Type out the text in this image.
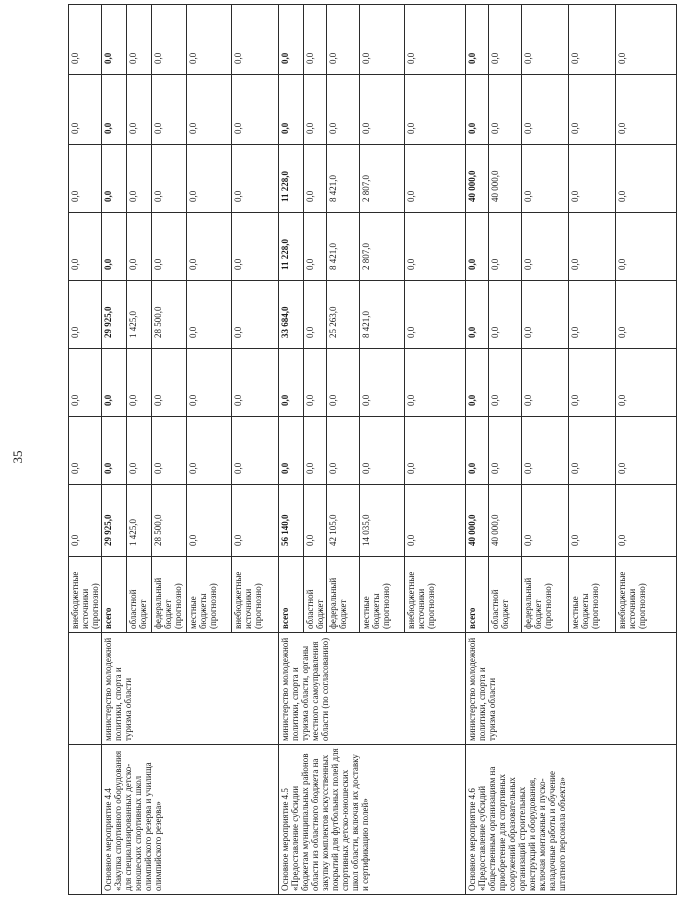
35
		внебюджетные источники (прогнозно)	0,0	0,0	0,0	0,0	0,0	0,0	0,0	0,0
Основное мероприятие 4.4
«Закупка спортивного оборудования для специализированных детско-юношеских спортивных школ олимпийского резерва и училища олимпийского резерва»	министерство молодежной политики, спорта и туризма области	всего	29 925,0	0,0	0,0	29 925,0	0,0	0,0	0,0	0,0
		областной бюджет	1 425,0	0,0	0,0	1 425,0	0,0	0,0	0,0	0,0
		федеральный бюджет (прогнозно)	28 500,0	0,0	0,0	28 500,0	0,0	0,0	0,0	0,0
		местные бюджеты (прогнозно)	0,0	0,0	0,0	0,0	0,0	0,0	0,0	0,0
		внебюджетные источники (прогнозно)	0,0	0,0	0,0	0,0	0,0	0,0	0,0	0,0
Основное мероприятие 4.5
«Предоставление субсидии бюджетам муниципальных районов области из областного бюджета на закупку комплектов искусственных покрытий для футбольных полей для спортивных детско-юношеских школ области, включая их доставку и сертификацию полей»	министерство молодежной политики, спорта и туризма области, органы местного самоуправления области (по согласованию)	всего	56 140,0	0,0	0,0	33 684,0	11 228,0	11 228,0	0,0	0,0
		областной бюджет	0,0	0,0	0,0	0,0	0,0	0,0	0,0	0,0
		федеральный бюджет	42 105,0	0,0	0,0	25 263,0	8 421,0	8 421,0	0,0	0,0
		местные бюджеты (прогнозно)	14 035,0	0,0	0,0	8 421,0	2 807,0	2 807,0	0,0	0,0
		внебюджетные источники (прогнозно)	0,0	0,0	0,0	0,0	0,0	0,0	0,0	0,0
Основное мероприятие 4.6
«Предоставление субсидий общественным организациям на приобретение для спортивных сооружений образовательных организаций строительных конструкций и оборудования, включая монтажные и пуско-наладочные работы и обучение штатного персонала объекта»	министерство молодежной политики, спорта и туризма области	всего	40 000,0	0,0	0,0	0,0	0,0	40 000,0	0,0	0,0
		областной бюджет	40 000,0	0,0	0,0	0,0	0,0	40 000,0	0,0	0,0
		федеральный бюджет (прогнозно)	0,0	0,0	0,0	0,0	0,0	0,0	0,0	0,0
		местные бюджеты (прогнозно)	0,0	0,0	0,0	0,0	0,0	0,0	0,0	0,0
		внебюджетные источники (прогнозно)	0,0	0,0	0,0	0,0	0,0	0,0	0,0	0,0
